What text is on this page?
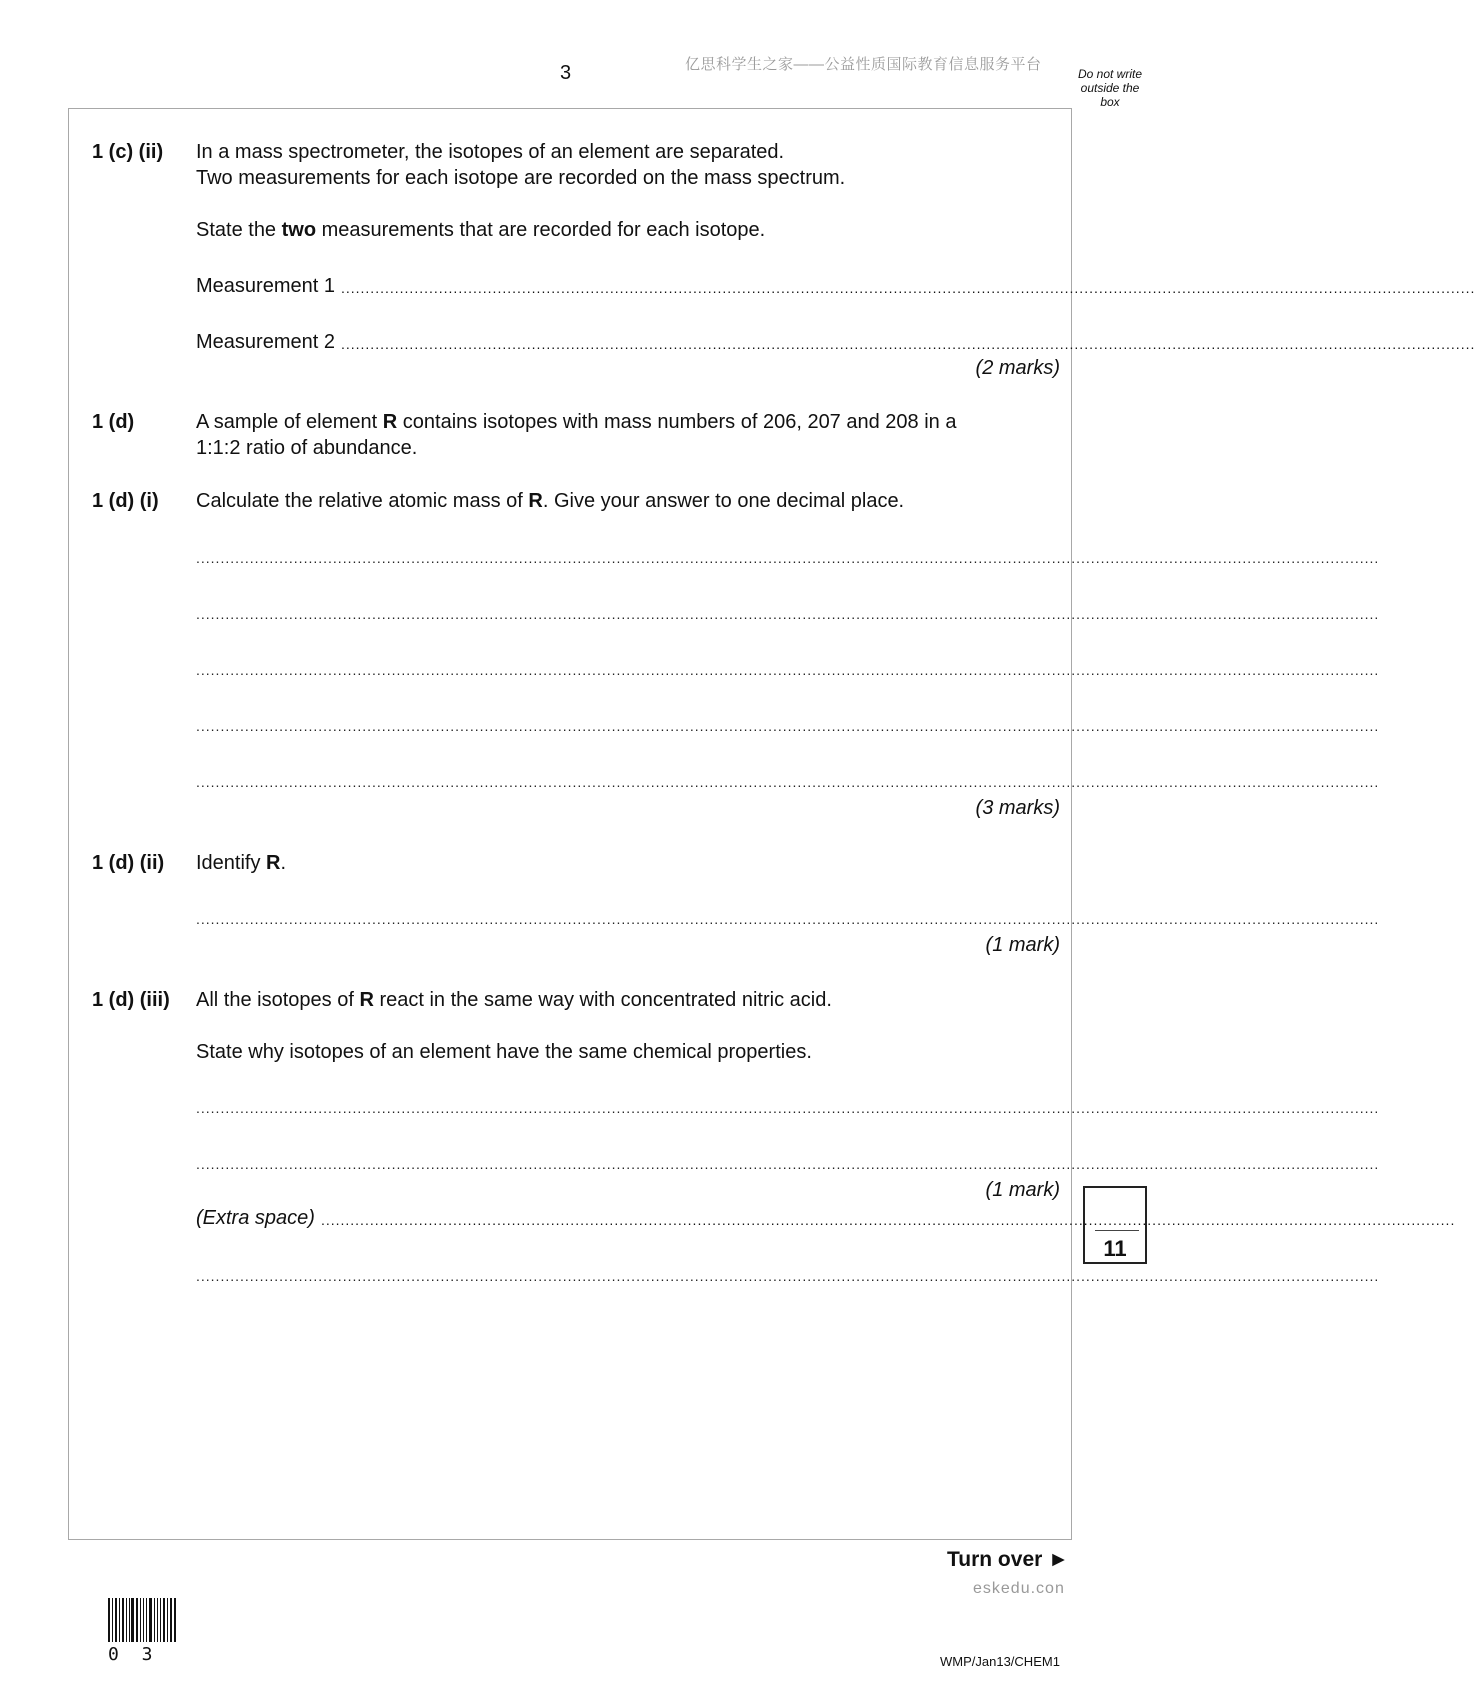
3	亿思科学生之家——公益性质国际教育信息服务平台
Do not write outside the box
1 (c) (ii) In a mass spectrometer, the isotopes of an element are separated.
Two measurements for each isotope are recorded on the mass spectrum.
State the two measurements that are recorded for each isotope.
Measurement 1 ........................................................................................................................................................................................................................................
Measurement 2 ........................................................................................................................................................................................................................................
(2 marks)
1 (d)	A sample of element R contains isotopes with mass numbers of 206, 207 and 208 in a
1:1:2 ratio of abundance.
1 (d) (i) Calculate the relative atomic mass of R. Give your answer to one decimal place.
..................................................................................................................................................................................................................................................
..................................................................................................................................................................................................................................................
..................................................................................................................................................................................................................................................
..................................................................................................................................................................................................................................................
..................................................................................................................................................................................................................................................
(3 marks)
1 (d) (ii) Identify R.
..................................................................................................................................................................................................................................................
(1 mark)
1 (d) (iii) All the isotopes of R react in the same way with concentrated nitric acid.
State why isotopes of an element have the same chemical properties.
..................................................................................................................................................................................................................................................
..................................................................................................................................................................................................................................................
(1 mark)
(Extra space) ........................................................................................................................................................................................................................................
..................................................................................................................................................................................................................................................
11
Turn over ►
eskedu.con
0 3	WMP/Jan13/CHEM1
